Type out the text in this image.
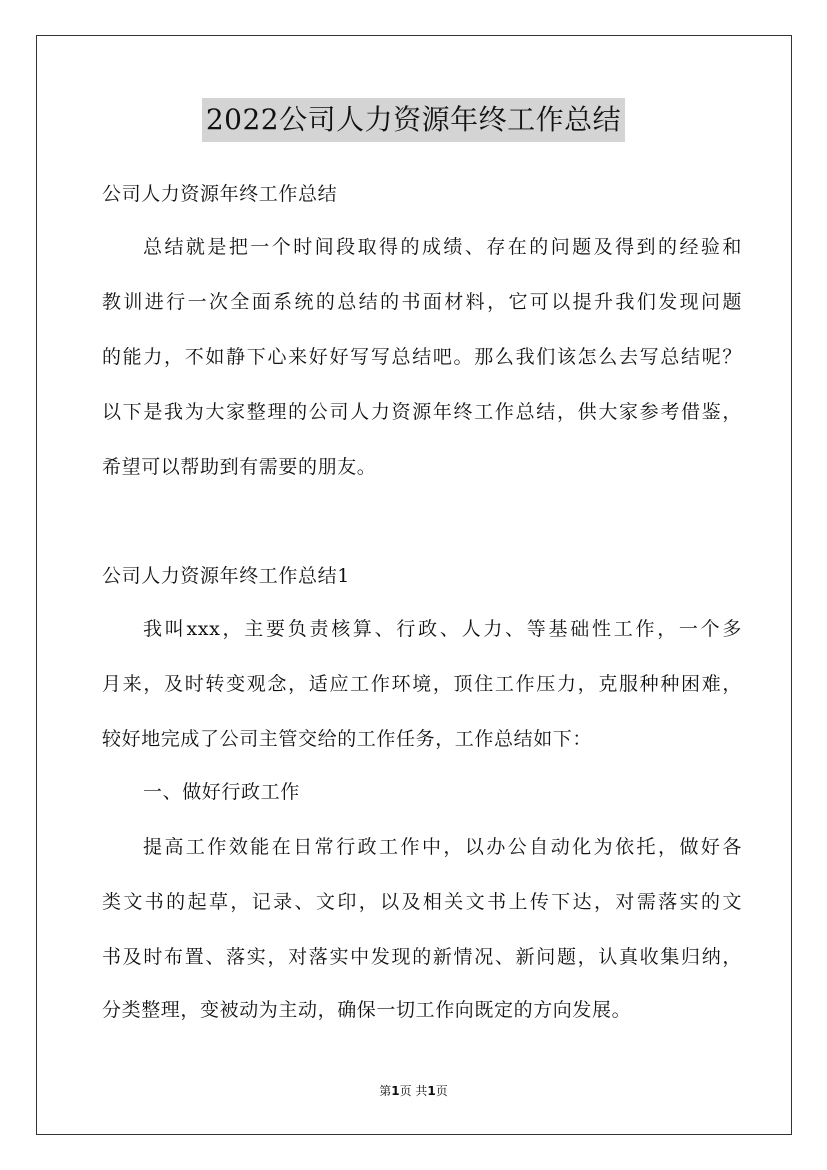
2022公司人力资源年终工作总结
公司人力资源年终工作总结
总结就是把一个时间段取得的成绩、存在的问题及得到的经验和
教训进行一次全面系统的总结的书面材料，它可以提升我们发现问题
的能力，不如静下心来好好写写总结吧。那么我们该怎么去写总结呢？
以下是我为大家整理的公司人力资源年终工作总结，供大家参考借鉴，
希望可以帮助到有需要的朋友。
公司人力资源年终工作总结1
我叫xxx，主要负责核算、行政、人力、等基础性工作，一个多
月来，及时转变观念，适应工作环境，顶住工作压力，克服种种困难，
较好地完成了公司主管交给的工作任务，工作总结如下：
一、做好行政工作
提高工作效能在日常行政工作中，以办公自动化为依托，做好各
类文书的起草，记录、文印，以及相关文书上传下达，对需落实的文
书及时布置、落实，对落实中发现的新情况、新问题，认真收集归纳，
分类整理，变被动为主动，确保一切工作向既定的方向发展。
第1页 共1页
